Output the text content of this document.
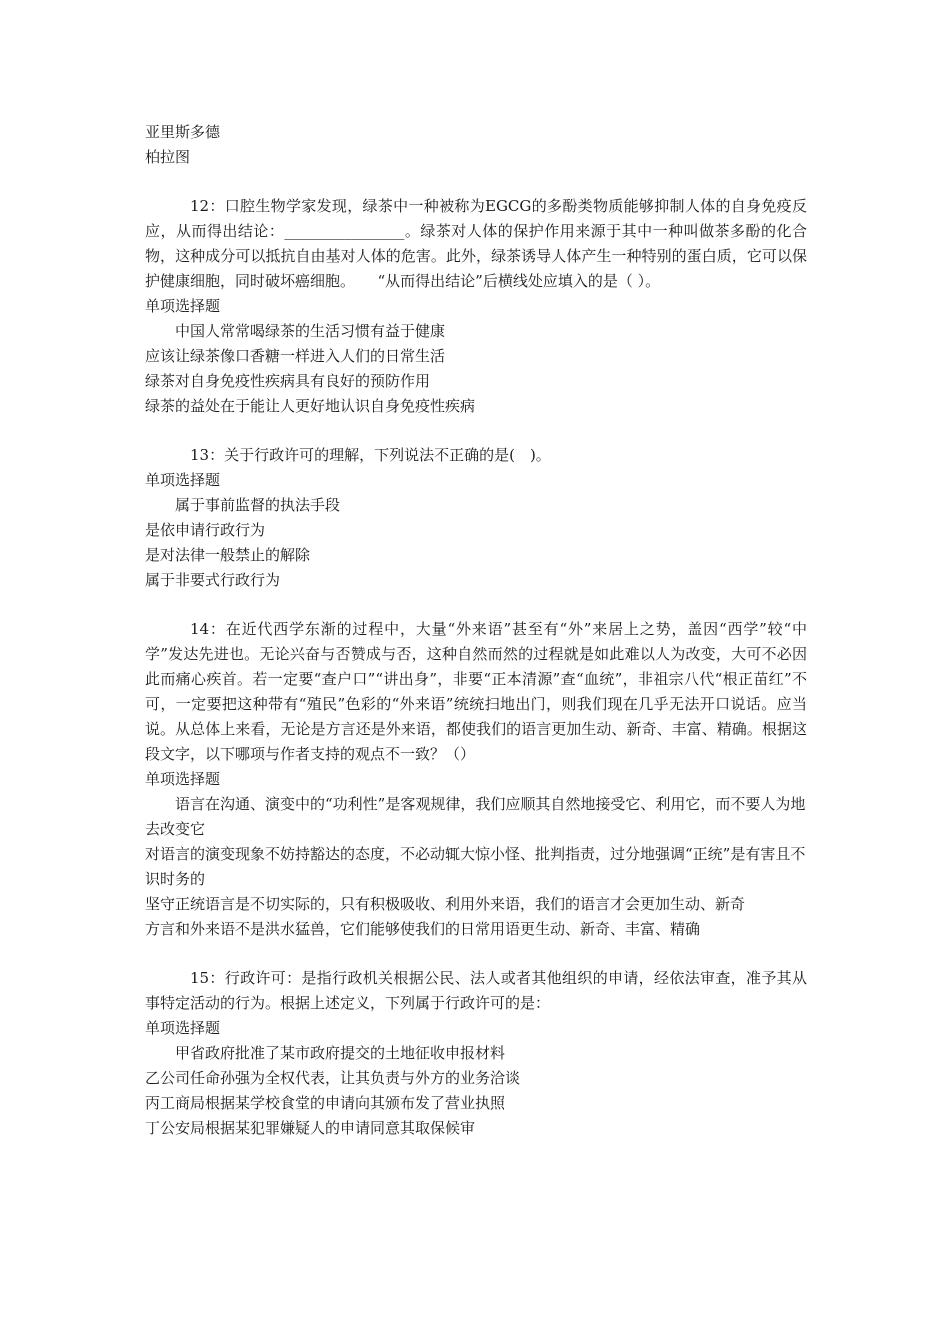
亚里斯多德

柏拉图

12：口腔生物学家发现，绿茶中一种被称为EGCG的多酚类物质能够抑制人体的自身免疫反应，从而得出结论：________________。绿茶对人体的保护作用来源于其中一种叫做茶多酚的化合物，这种成分可以抵抗自由基对人体的危害。此外，绿茶诱导人体产生一种特别的蛋白质，它可以保护健康细胞，同时破坏癌细胞。　　“从而得出结论”后横线处应填入的是（ ）。

单项选择题

中国人常常喝绿茶的生活习惯有益于健康

应该让绿茶像口香糖一样进入人们的日常生活

绿茶对自身免疫性疾病具有良好的预防作用

绿茶的益处在于能让人更好地认识自身免疫性疾病

13：关于行政许可的理解，下列说法不正确的是(　)。

单项选择题

属于事前监督的执法手段

是依申请行政行为

是对法律一般禁止的解除

属于非要式行政行为

14：在近代西学东渐的过程中，大量“外来语”甚至有“外”来居上之势，盖因“西学”较“中学”发达先进也。无论兴奋与否赞成与否，这种自然而然的过程就是如此难以人为改变，大可不必因此而痛心疾首。若一定要“查户口”“讲出身”，非要“正本清源”查“血统”，非祖宗八代“根正苗红”不可，一定要把这种带有“殖民”色彩的“外来语”统统扫地出门，则我们现在几乎无法开口说话。应当说。从总体上来看，无论是方言还是外来语，都使我们的语言更加生动、新奇、丰富、精确。根据这段文字，以下哪项与作者支持的观点不一致？（）

单项选择题

语言在沟通、演变中的“功利性”是客观规律，我们应顺其自然地接受它、利用它，而不要人为地去改变它

对语言的演变现象不妨持豁达的态度，不必动辄大惊小怪、批判指责，过分地强调“正统”是有害且不识时务的

坚守正统语言是不切实际的，只有积极吸收、利用外来语，我们的语言才会更加生动、新奇

方言和外来语不是洪水猛兽，它们能够使我们的日常用语更生动、新奇、丰富、精确

15：行政许可：是指行政机关根据公民、法人或者其他组织的申请，经依法审查，准予其从事特定活动的行为。根据上述定义，下列属于行政许可的是：

单项选择题

甲省政府批准了某市政府提交的土地征收申报材料

乙公司任命孙强为全权代表，让其负责与外方的业务洽谈

丙工商局根据某学校食堂的申请向其颁布发了营业执照

丁公安局根据某犯罪嫌疑人的申请同意其取保候审
